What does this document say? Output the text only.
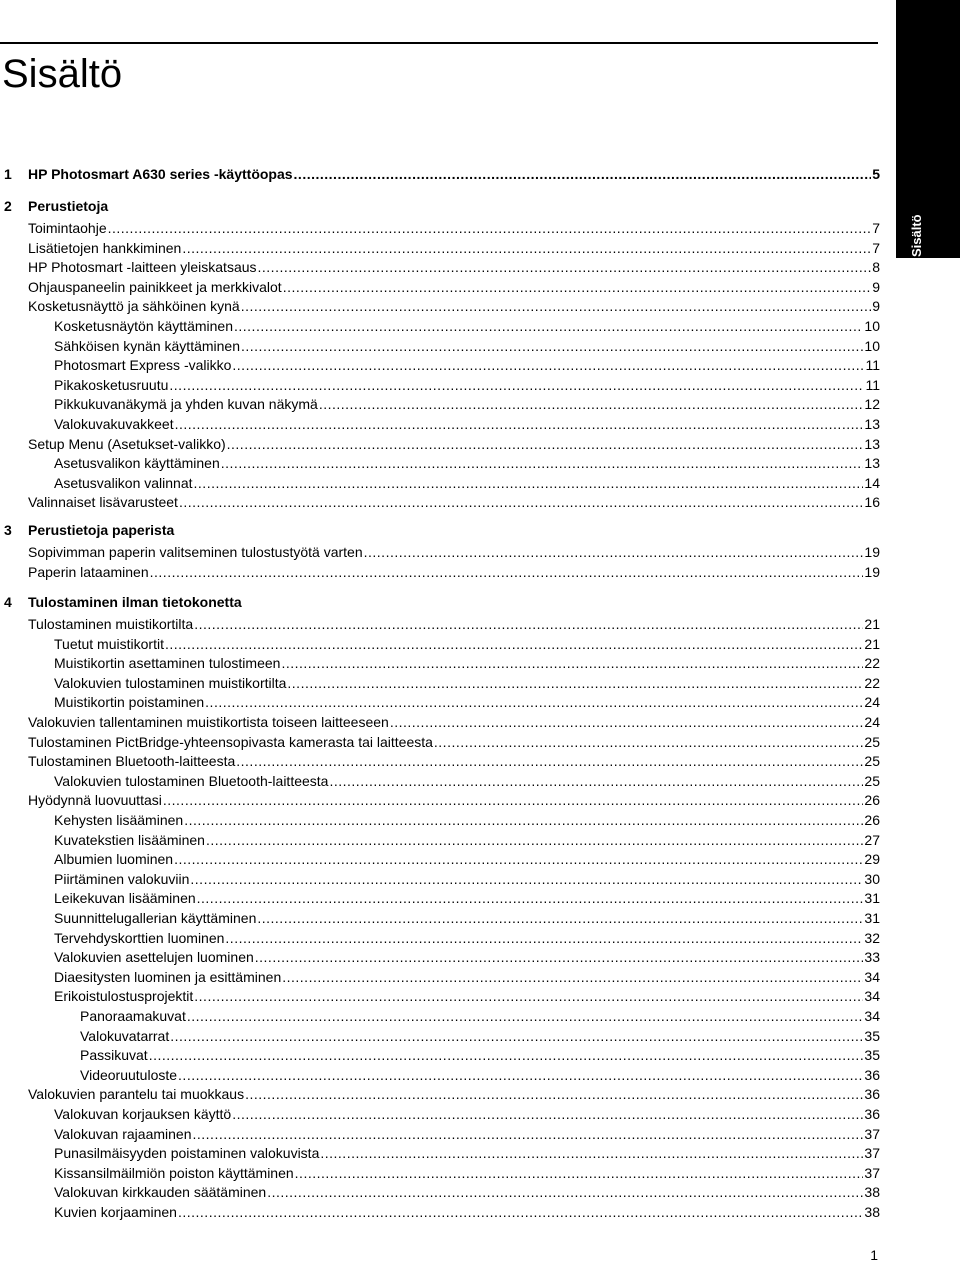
Sisältö
Sisältö
1 HP Photosmart A630 series -käyttöopas .....	5
2 Perustietoja
Toimintaohje .....	7
Lisätietojen hankkiminen .....	7
HP Photosmart -laitteen yleiskatsaus .....	8
Ohjauspaneelin painikkeet ja merkkivalot .....	9
Kosketusnäyttö ja sähköinen kynä .....	9
Kosketusnäytön käyttäminen .....	10
Sähköisen kynän käyttäminen .....	10
Photosmart Express -valikko .....	11
Pikakosketusruutu .....	11
Pikkukuvanäkymä ja yhden kuvan näkymä .....	12
Valokuvakuvakkeet .....	13
Setup Menu (Asetukset-valikko) .....	13
Asetusvalikon käyttäminen .....	13
Asetusvalikon valinnat .....	14
Valinnaiset lisävarusteet .....	16
3 Perustietoja paperista
Sopivimman paperin valitseminen tulostustyötä varten .....	19
Paperin lataaminen .....	19
4 Tulostaminen ilman tietokonetta
Tulostaminen muistikortilta .....	21
Tuetut muistikortit .....	21
Muistikortin asettaminen tulostimeen .....	22
Valokuvien tulostaminen muistikortilta .....	22
Muistikortin poistaminen .....	24
Valokuvien tallentaminen muistikortista toiseen laitteeseen .....	24
Tulostaminen PictBridge-yhteensopivasta kamerasta tai laitteesta .....	25
Tulostaminen Bluetooth-laitteesta .....	25
Valokuvien tulostaminen Bluetooth-laitteesta .....	25
Hyödynnä luovuuttasi .....	26
Kehysten lisääminen .....	26
Kuvatekstien lisääminen .....	27
Albumien luominen .....	29
Piirtäminen valokuviin .....	30
Leikekuvan lisääminen .....	31
Suunnittelugallerian käyttäminen .....	31
Tervehdyskorttien luominen .....	32
Valokuvien asettelujen luominen .....	33
Diaesitysten luominen ja esittäminen .....	34
Erikoistulostusprojektit .....	34
Panoraamakuvat .....	34
Valokuvatarrat .....	35
Passikuvat .....	35
Videoruutuloste .....	36
Valokuvien parantelu tai muokkaus .....	36
Valokuvan korjauksen käyttö .....	36
Valokuvan rajaaminen .....	37
Punasilmäisyyden poistaminen valokuvista .....	37
Kissansilmäilmiön poiston käyttäminen .....	37
Valokuvan kirkkauden säätäminen .....	38
Kuvien korjaaminen .....	38
1
